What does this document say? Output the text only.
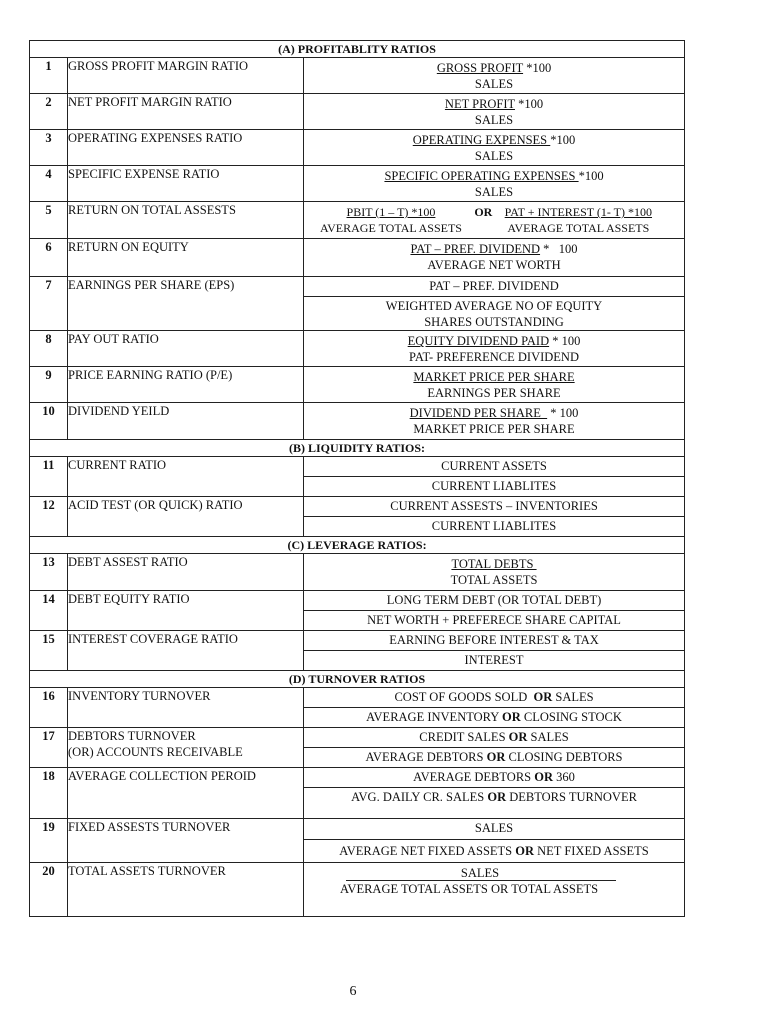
(A) PROFITABLITY RATIOS		
1	GROSS PROFIT MARGIN RATIO	GROSS PROFIT *100
SALES

2	NET PROFIT MARGIN RATIO	NET PROFIT *100
SALES

3	OPERATING EXPENSES RATIO	OPERATING EXPENSES *100
SALES

4	SPECIFIC EXPENSE RATIO	SPECIFIC OPERATING EXPENSES *100
SALES

5	RETURN ON TOTAL ASSESTS	PBIT (1 – T) *100
AVERAGE TOTAL ASSETS
OR PAT + INTEREST (1- T) *100
AVERAGE TOTAL ASSETS

6	RETURN ON EQUITY	PAT – PREF. DIVIDEND *   100
AVERAGE NET WORTH

7	EARNINGS PER SHARE (EPS)	PAT – PREF. DIVIDEND
		WEIGHTED AVERAGE NO OF EQUITY SHARES OUTSTANDING
8	PAY OUT RATIO	EQUITY DIVIDEND PAID * 100
PAT- PREFERENCE DIVIDEND

9	PRICE EARNING RATIO (P/E)	MARKET PRICE PER SHARE
EARNINGS PER SHARE

10	DIVIDEND YEILD	DIVIDEND PER SHARE   * 100
MARKET PRICE PER SHARE

(B) LIQUIDITY RATIOS:		
11	CURRENT RATIO	CURRENT ASSETS
		CURRENT LIABLITES
12	ACID TEST (OR QUICK) RATIO	CURRENT ASSESTS – INVENTORIES
		CURRENT LIABLITES
(C) LEVERAGE RATIOS:		
13	DEBT ASSEST RATIO	TOTAL DEBTS
TOTAL ASSETS

14	DEBT EQUITY RATIO	LONG TERM DEBT (OR TOTAL DEBT)
		NET WORTH + PREFERECE SHARE CAPITAL
15	INTEREST COVERAGE RATIO	EARNING BEFORE INTEREST & TAX
		INTEREST
(D) TURNOVER RATIOS		
16	INVENTORY TURNOVER	COST OF GOODS SOLD  OR SALES
		AVERAGE INVENTORY OR CLOSING STOCK
17	DEBTORS TURNOVER
(OR) ACCOUNTS RECEIVABLE	CREDIT SALES OR SALES
		AVERAGE DEBTORS OR CLOSING DEBTORS
18	AVERAGE COLLECTION PEROID	AVERAGE DEBTORS OR 360
		AVG. DAILY CR. SALES OR DEBTORS TURNOVER
19	FIXED ASSESTS TURNOVER	SALES
		AVERAGE NET FIXED ASSETS OR NET FIXED ASSETS
20	TOTAL ASSETS TURNOVER	SALES
AVERAGE TOTAL ASSETS OR TOTAL ASSETS
6
